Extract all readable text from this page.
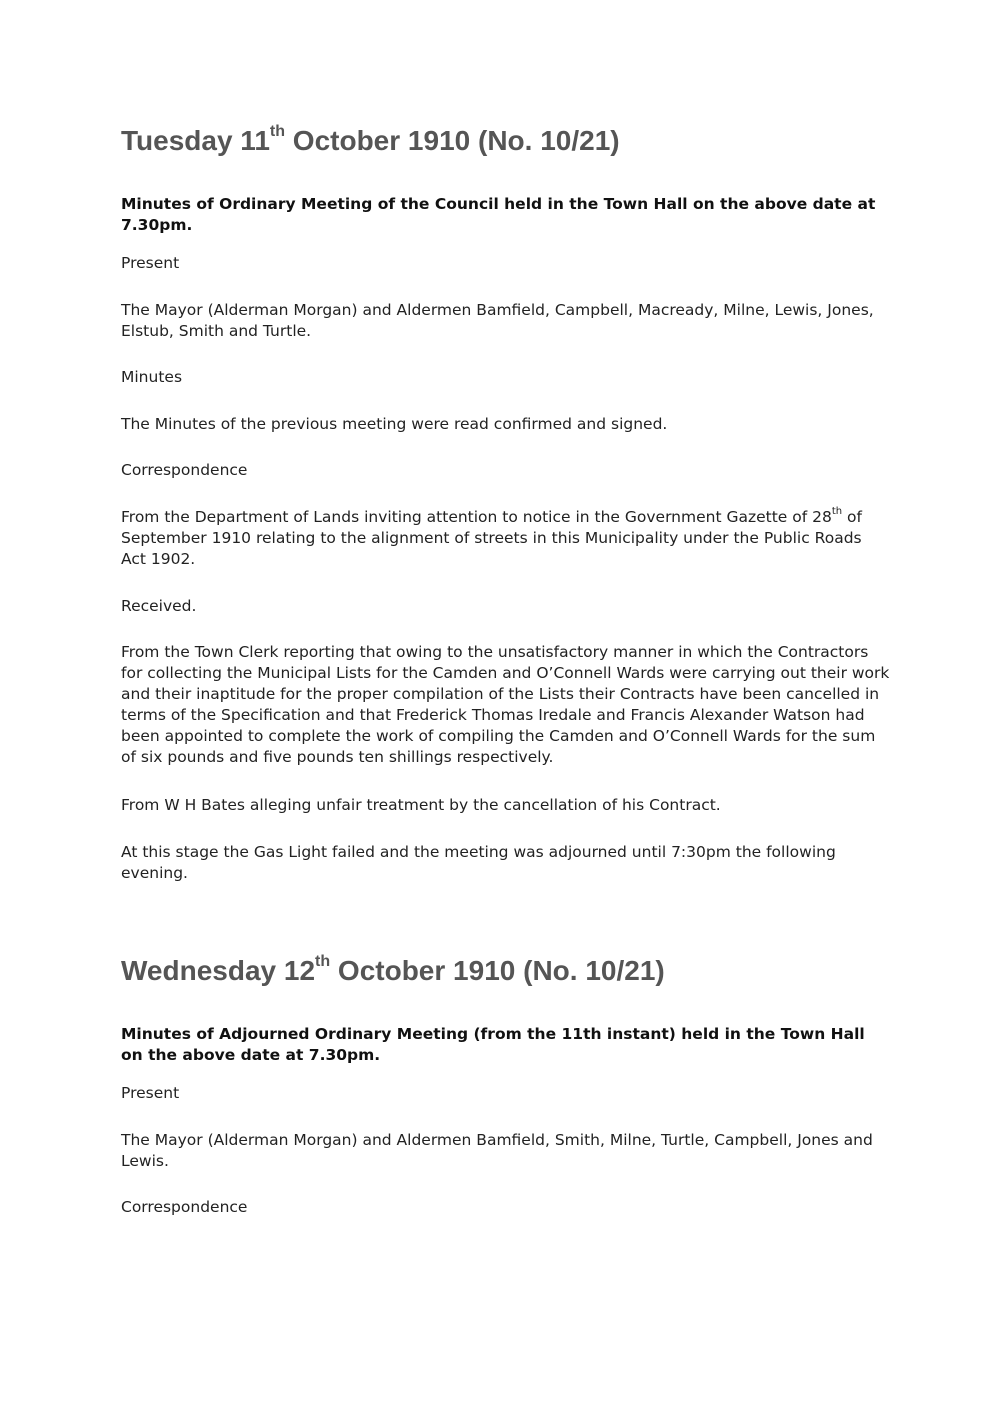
Tuesday 11th October 1910 (No. 10/21)

Minutes of Ordinary Meeting of the Council held in the Town Hall on the above date at 7.30pm.

Present

The Mayor (Alderman Morgan) and Aldermen Bamfield, Campbell, Macready, Milne, Lewis, Jones, Elstub, Smith and Turtle.

Minutes

The Minutes of the previous meeting were read confirmed and signed.

Correspondence

From the Department of Lands inviting attention to notice in the Government Gazette of 28th of September 1910 relating to the alignment of streets in this Municipality under the Public Roads Act 1902.

Received.

From the Town Clerk reporting that owing to the unsatisfactory manner in which the Contractors for collecting the Municipal Lists for the Camden and O’Connell Wards were carrying out their work and their inaptitude for the proper compilation of the Lists their Contracts have been cancelled in terms of the Specification and that Frederick Thomas Iredale and Francis Alexander Watson had been appointed to complete the work of compiling the Camden and O’Connell Wards for the sum of six pounds and five pounds ten shillings respectively.

From W H Bates alleging unfair treatment by the cancellation of his Contract.

At this stage the Gas Light failed and the meeting was adjourned until 7:30pm the following evening.

Wednesday 12th October 1910 (No. 10/21)

Minutes of Adjourned Ordinary Meeting (from the 11th instant) held in the Town Hall on the above date at 7.30pm.

Present

The Mayor (Alderman Morgan) and Aldermen Bamfield, Smith, Milne, Turtle, Campbell, Jones and Lewis.

Correspondence
